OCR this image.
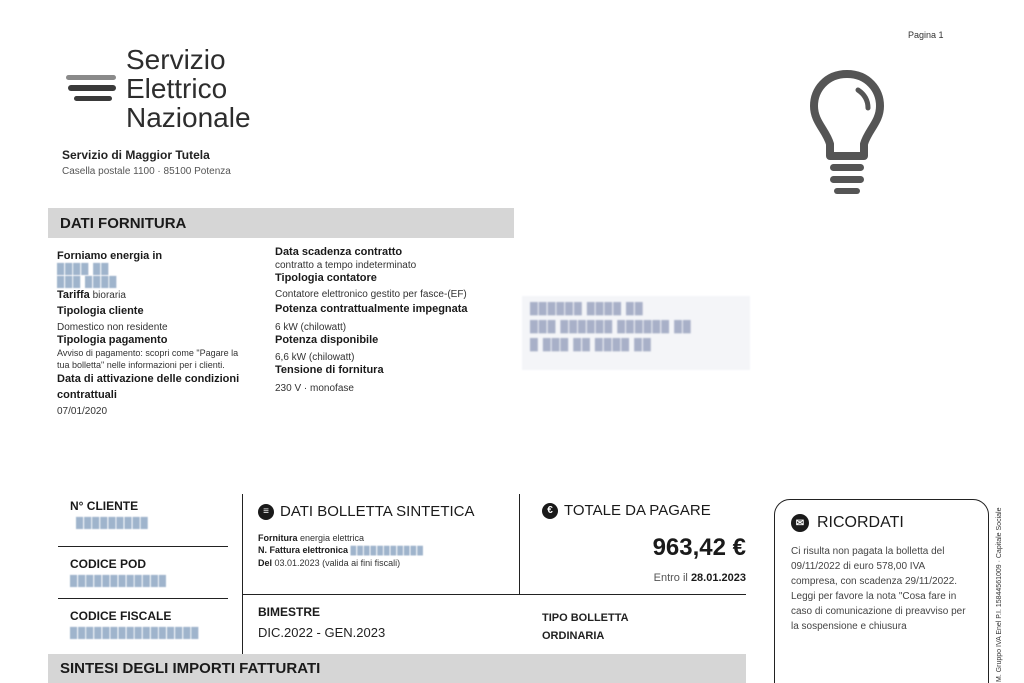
Pagina 1
Servizio
Elettrico
Nazionale
Servizio di Maggior Tutela
Casella postale 1100 · 85100 Potenza
DATI FORNITURA
Forniamo energia in
████ ██
███ ████
Tariffa bioraria
Tipologia cliente
Domestico non residente
Tipologia pagamento
Avviso di pagamento: scopri come "Pagare la tua bolletta" nelle informazioni per i clienti.
Data di attivazione delle condizioni contrattuali
07/01/2020
Data scadenza contratto
contratto a tempo indeterminato
Tipologia contatore
Contatore elettronico gestito per fasce-(EF)
Potenza contrattualmente impegnata
6 kW (chilowatt)
Potenza disponibile
6,6 kW (chilowatt)
Tensione di fornitura
230 V · monofase
██████ ████ ██
███ ██████ ██████ ██
█ ███ ██ ████ ██
N° CLIENTE
█████████
CODICE POD
████████████
CODICE FISCALE
████████████████
≡ DATI BOLLETTA SINTETICA
Fornitura energia elettrica
N. Fattura elettronica ███████████
Del 03.01.2023 (valida ai fini fiscali)
BIMESTRE
DIC.2022 - GEN.2023
€ TOTALE DA PAGARE
963,42 €
Entro il 28.01.2023
TIPO BOLLETTA
ORDINARIA
✉ RICORDATI
Ci risulta non pagata la bolletta del 09/11/2022 di euro 578,00 IVA compresa, con scadenza 29/11/2022. Leggi per favore la nota "Cosa fare in caso di comunicazione di preavviso per la sospensione e chiusura	M. Gruppo IVA Enel P.I. 15844561009 · Capitale Sociale
SINTESI DEGLI IMPORTI FATTURATI
